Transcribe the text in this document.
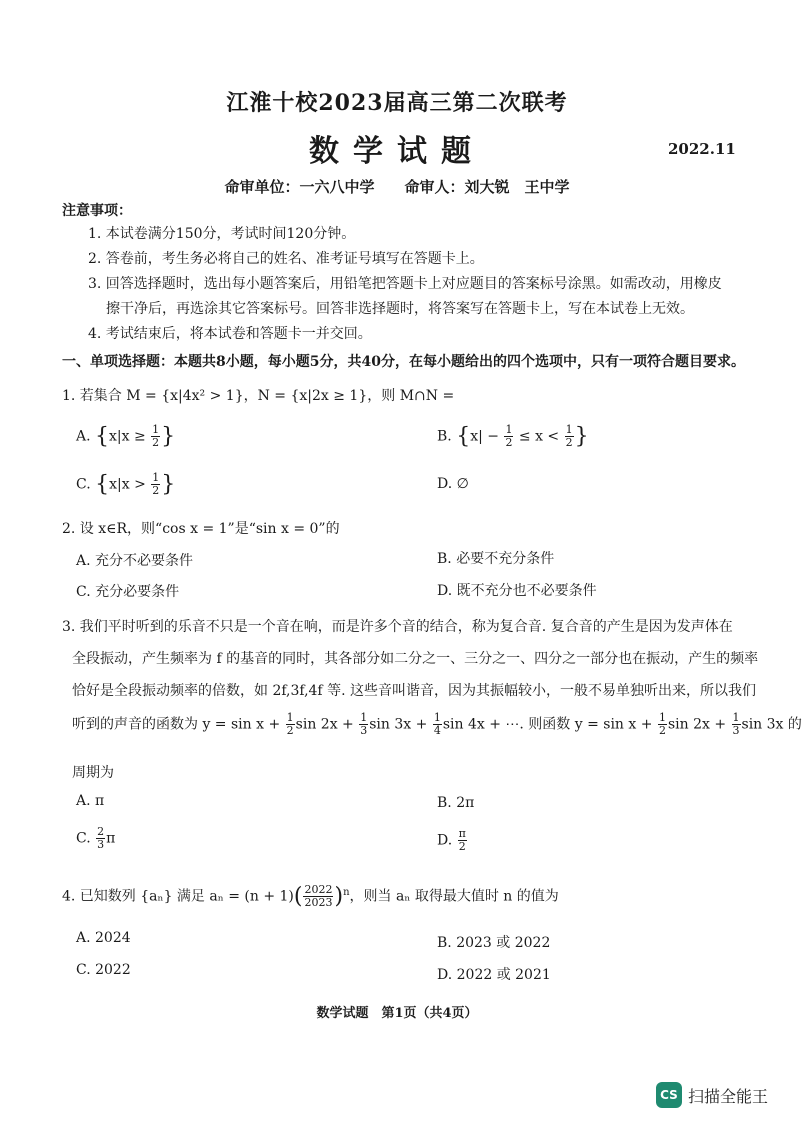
江淮十校2023届高三第二次联考
数学试题	2022.11
命审单位：一六八中学　　命审人：刘大锐　王中学
注意事项：
1. 本试卷满分150分，考试时间120分钟。
2. 答卷前，考生务必将自己的姓名、准考证号填写在答题卡上。
3. 回答选择题时，选出每小题答案后，用铅笔把答题卡上对应题目的答案标号涂黑。如需改动，用橡皮
擦干净后，再选涂其它答案标号。回答非选择题时，将答案写在答题卡上，写在本试卷上无效。
4. 考试结束后，将本试卷和答题卡一并交回。
一、单项选择题：本题共8小题，每小题5分，共40分，在每小题给出的四个选项中，只有一项符合题目要求。
1. 若集合 M = {x|4x² > 1}，N = {x|2x ≥ 1}，则 M∩N =
A. {$x|x \ge \frac{1}{2}$ }	B. {$x| - \frac{1}{2} \le x < \frac{1}{2}$ }
C. {$x|x > \frac{1}{2}$ }	D. ∅
2. 设 x∈R，则“cos x = 1”是“sin x = 0”的
A. 充分不必要条件	B. 必要不充分条件
C. 充分必要条件	D. 既不充分也不必要条件
3. 我们平时听到的乐音不只是一个音在响，而是许多个音的结合，称为复合音. 复合音的产生是因为发声体在
全段振动，产生频率为 f 的基音的同时，其各部分如二分之一、三分之一、四分之一部分也在振动，产生的频率
恰好是全段振动频率的倍数，如 2f,3f,4f 等. 这些音叫谐音，因为其振幅较小，一般不易单独听出来，所以我们
听到的声音的函数为 $y = \sin x + \frac{1}{2}$ $\sin 2x + \frac{1}{3}$ $\sin 3x + \frac{1}{4}$ sin 4x + ⋯. 则函数 $y = \sin x + \frac{1}{2}$ $\sin 2x + \frac{1}{3}$ sin 3x 的
周期为
A. π	B. 2π
C. $\frac{2}{3}$ π	D. $\frac{\pi}{2}$
4. 已知数列 {aₙ} 满足 $a_n = (n + 1)( \frac{2022}{2023} )^n$，则当 aₙ 取得最大值时 n 的值为
A. 2024	B. 2023 或 2022
C. 2022	D. 2022 或 2021
数学试题　第1页（共4页）
CS 扫描全能王
